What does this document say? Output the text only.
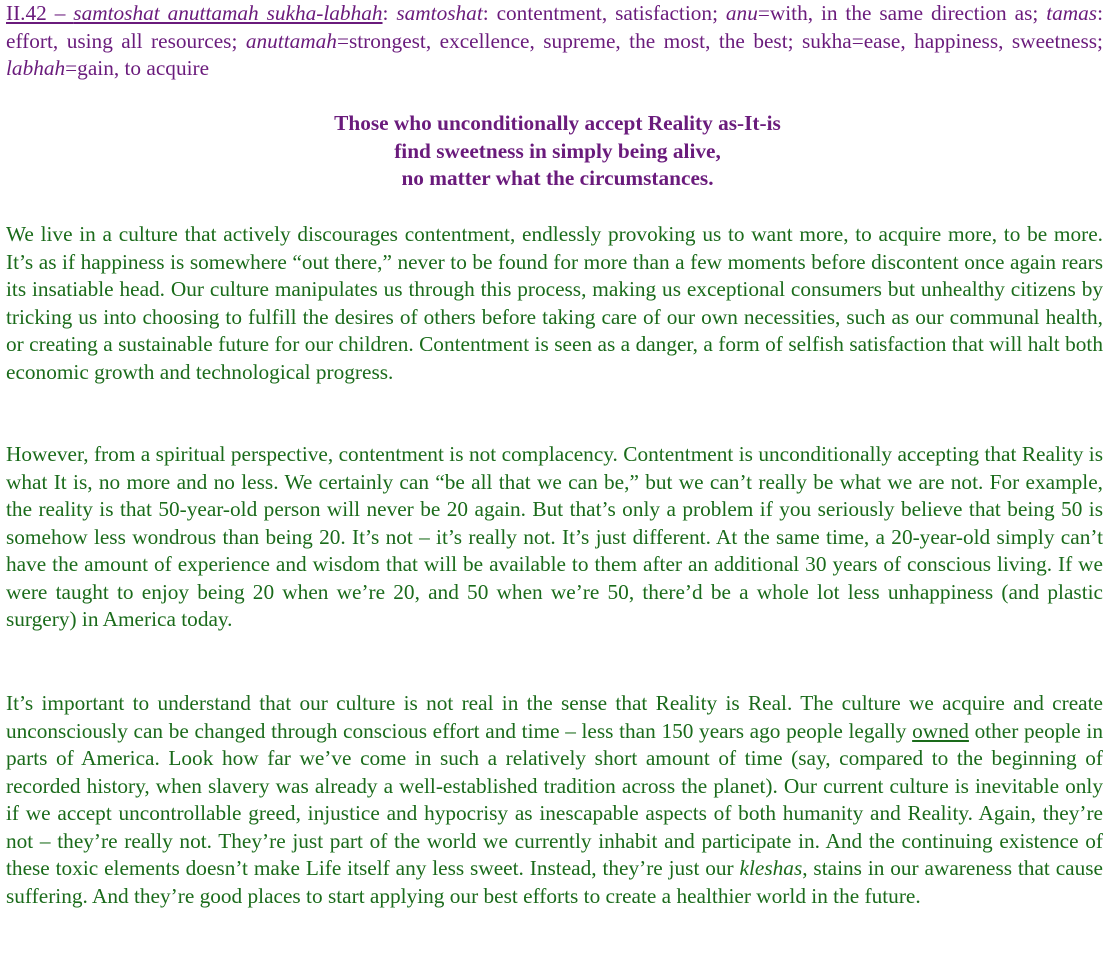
II.42 – samtoshat anuttamah sukha-labhah: samtoshat: contentment, satisfaction; anu=with, in the same direction as; tamas: effort, using all resources; anuttamah=strongest, excellence, supreme, the most, the best; sukha=ease, happiness, sweetness; labhah=gain, to acquire
Those who unconditionally accept Reality as-It-is
find sweetness in simply being alive,
no matter what the circumstances.

We live in a culture that actively discourages contentment, endlessly provoking us to want more, to acquire more, to be more. It’s as if happiness is somewhere “out there,” never to be found for more than a few moments before discontent once again rears its insatiable head. Our culture manipulates us through this process, making us exceptional consumers but unhealthy citizens by tricking us into choosing to fulfill the desires of others before taking care of our own necessities, such as our communal health, or creating a sustainable future for our children. Contentment is seen as a danger, a form of selfish satisfaction that will halt both economic growth and technological progress.

However, from a spiritual perspective, contentment is not complacency. Contentment is unconditionally accepting that Reality is what It is, no more and no less. We certainly can “be all that we can be,” but we can’t really be what we are not. For example, the reality is that 50-year-old person will never be 20 again. But that’s only a problem if you seriously believe that being 50 is somehow less wondrous than being 20. It’s not – it’s really not. It’s just different. At the same time, a 20-year-old simply can’t have the amount of experience and wisdom that will be available to them after an additional 30 years of conscious living. If we were taught to enjoy being 20 when we’re 20, and 50 when we’re 50, there’d be a whole lot less unhappiness (and plastic surgery) in America today.

It’s important to understand that our culture is not real in the sense that Reality is Real. The culture we acquire and create unconsciously can be changed through conscious effort and time – less than 150 years ago people legally owned other people in parts of America. Look how far we’ve come in such a relatively short amount of time (say, compared to the beginning of recorded history, when slavery was already a well-established tradition across the planet). Our current culture is inevitable only if we accept uncontrollable greed, injustice and hypocrisy as inescapable aspects of both humanity and Reality. Again, they’re not – they’re really not. They’re just part of the world we currently inhabit and participate in. And the continuing existence of these toxic elements doesn’t make Life itself any less sweet. Instead, they’re just our kleshas, stains in our awareness that cause suffering. And they’re good places to start applying our best efforts to create a healthier world in the future.
